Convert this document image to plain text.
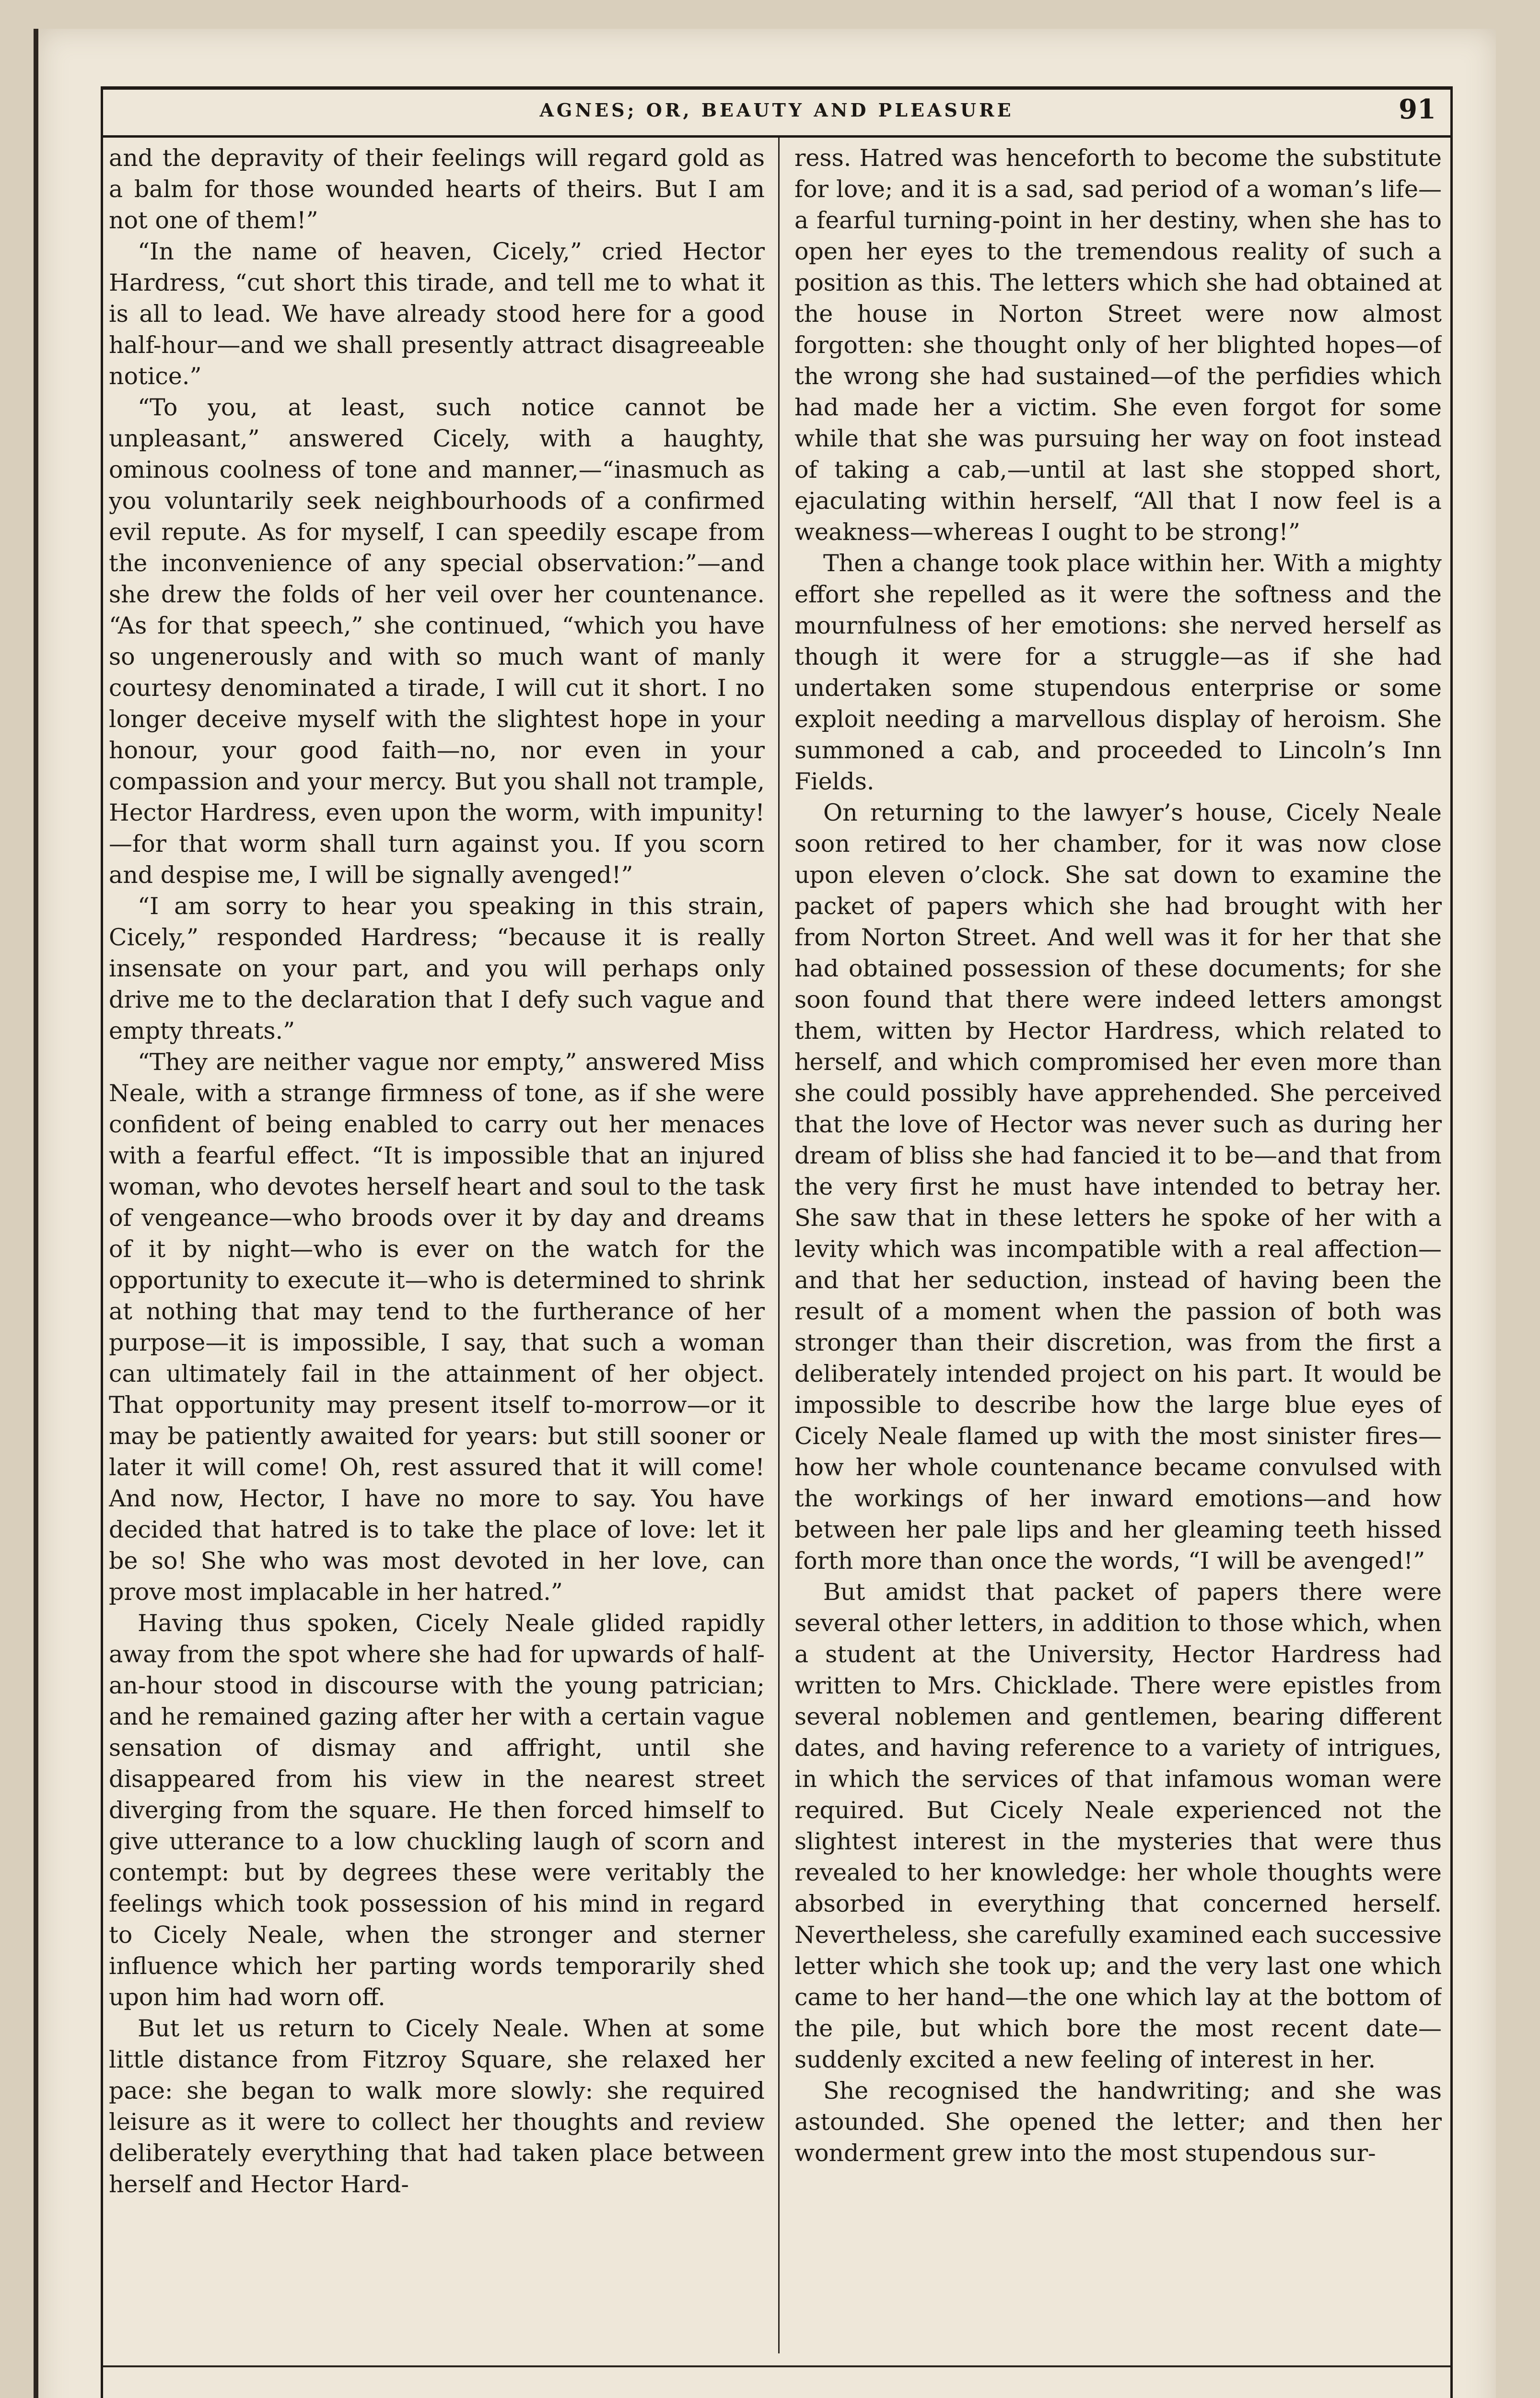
AGNES; OR, BEAUTY AND PLEASURE	91

and the depravity of their feelings will regard gold as a balm for those wounded hearts of theirs. But I am not one of them!”

“In the name of heaven, Cicely,” cried Hector Hardress, “cut short this tirade, and tell me to what it is all to lead. We have already stood here for a good half-hour—and we shall presently attract disagreeable notice.”

“To you, at least, such notice cannot be unpleasant,” answered Cicely, with a haughty, ominous coolness of tone and manner,—“inasmuch as you voluntarily seek neighbourhoods of a confirmed evil repute. As for myself, I can speedily escape from the inconvenience of any special observation:”—and she drew the folds of her veil over her countenance. “As for that speech,” she continued, “which you have so ungenerously and with so much want of manly courtesy denominated a tirade, I will cut it short. I no longer deceive myself with the slightest hope in your honour, your good faith—no, nor even in your compassion and your mercy. But you shall not trample, Hector Hardress, even upon the worm, with impunity!—for that worm shall turn against you. If you scorn and despise me, I will be signally avenged!”

“I am sorry to hear you speaking in this strain, Cicely,” responded Hardress; “because it is really insensate on your part, and you will perhaps only drive me to the declaration that I defy such vague and empty threats.”

“They are neither vague nor empty,” answered Miss Neale, with a strange firmness of tone, as if she were confident of being enabled to carry out her menaces with a fearful effect. “It is impossible that an injured woman, who devotes herself heart and soul to the task of vengeance—who broods over it by day and dreams of it by night—who is ever on the watch for the opportunity to execute it—who is determined to shrink at nothing that may tend to the furtherance of her purpose—it is impossible, I say, that such a woman can ultimately fail in the attainment of her object. That opportunity may present itself to-morrow—or it may be patiently awaited for years: but still sooner or later it will come! Oh, rest assured that it will come! And now, Hector, I have no more to say. You have decided that hatred is to take the place of love: let it be so! She who was most devoted in her love, can prove most implacable in her hatred.”

Having thus spoken, Cicely Neale glided rapidly away from the spot where she had for upwards of half-an-hour stood in discourse with the young patrician; and he remained gazing after her with a certain vague sensation of dismay and affright, until she disappeared from his view in the nearest street diverging from the square. He then forced himself to give utterance to a low chuckling laugh of scorn and contempt: but by degrees these were veritably the feelings which took possession of his mind in regard to Cicely Neale, when the stronger and sterner influence which her parting words temporarily shed upon him had worn off.

But let us return to Cicely Neale. When at some little distance from Fitzroy Square, she relaxed her pace: she began to walk more slowly: she required leisure as it were to collect her thoughts and review deliberately everything that had taken place between herself and Hector Hard-

ress. Hatred was henceforth to become the substitute for love; and it is a sad, sad period of a woman’s life—a fearful turning-point in her destiny, when she has to open her eyes to the tremendous reality of such a position as this. The letters which she had obtained at the house in Norton Street were now almost forgotten: she thought only of her blighted hopes—of the wrong she had sustained—of the perfidies which had made her a victim. She even forgot for some while that she was pursuing her way on foot instead of taking a cab,—until at last she stopped short, ejaculating within herself, “All that I now feel is a weakness—whereas I ought to be strong!”

Then a change took place within her. With a mighty effort she repelled as it were the softness and the mournfulness of her emotions: she nerved herself as though it were for a struggle—as if she had undertaken some stupendous enterprise or some exploit needing a marvellous display of heroism. She summoned a cab, and proceeded to Lincoln’s Inn Fields.

On returning to the lawyer’s house, Cicely Neale soon retired to her chamber, for it was now close upon eleven o’clock. She sat down to examine the packet of papers which she had brought with her from Norton Street. And well was it for her that she had obtained possession of these documents; for she soon found that there were indeed letters amongst them, witten by Hector Hardress, which related to herself, and which compromised her even more than she could possibly have apprehended. She perceived that the love of Hector was never such as during her dream of bliss she had fancied it to be—and that from the very first he must have intended to betray her. She saw that in these letters he spoke of her with a levity which was incompatible with a real affection—and that her seduction, instead of having been the result of a moment when the passion of both was stronger than their discretion, was from the first a deliberately intended project on his part. It would be impossible to describe how the large blue eyes of Cicely Neale flamed up with the most sinister fires—how her whole countenance became convulsed with the workings of her inward emotions—and how between her pale lips and her gleaming teeth hissed forth more than once the words, “I will be avenged!”

But amidst that packet of papers there were several other letters, in addition to those which, when a student at the University, Hector Hardress had written to Mrs. Chicklade. There were epistles from several noblemen and gentlemen, bearing different dates, and having reference to a variety of intrigues, in which the services of that infamous woman were required. But Cicely Neale experienced not the slightest interest in the mysteries that were thus revealed to her knowledge: her whole thoughts were absorbed in everything that concerned herself. Nevertheless, she carefully examined each successive letter which she took up; and the very last one which came to her hand—the one which lay at the bottom of the pile, but which bore the most recent date—suddenly excited a new feeling of interest in her.

She recognised the handwriting; and she was astounded. She opened the letter; and then her wonderment grew into the most stupendous sur-
